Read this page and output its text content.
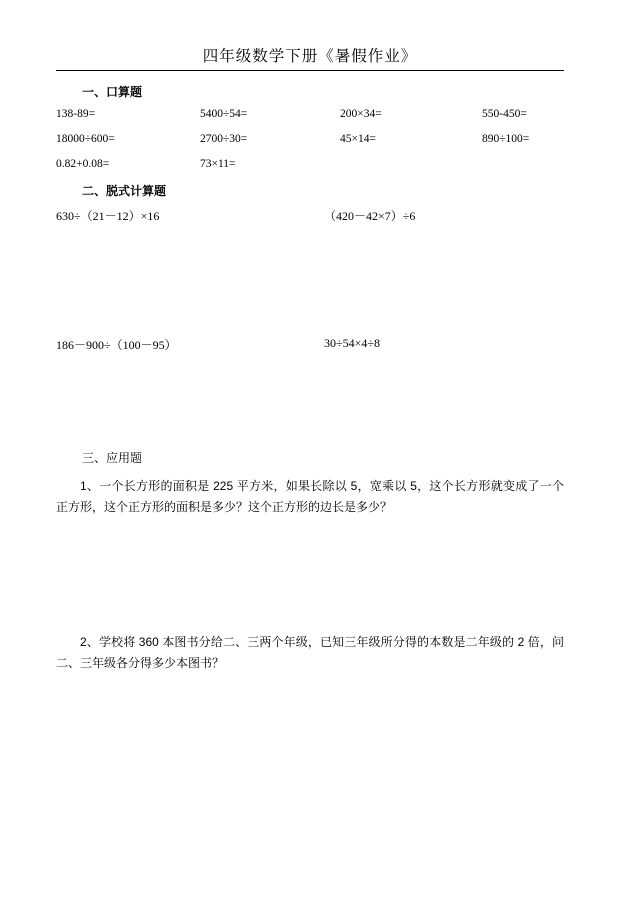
四年级数学下册《暑假作业》
一、口算题
138-89=	5400÷54=	200×34=	550-450=
18000÷600=	2700÷30=	45×14=	890÷100=
0.82+0.08=	73×11=
二、脱式计算题
630÷（21－12）×16	（420－42×7）÷6
186－900÷（100－95）	30÷54×4÷8
三、应用题
1、一个长方形的面积是 225 平方米，如果长除以 5，宽乘以 5，这个长方形就变成了一个正方形，这个正方形的面积是多少？这个正方形的边长是多少？
2、学校将 360 本图书分给二、三两个年级，已知三年级所分得的本数是二年级的 2 倍，问二、三年级各分得多少本图书？
